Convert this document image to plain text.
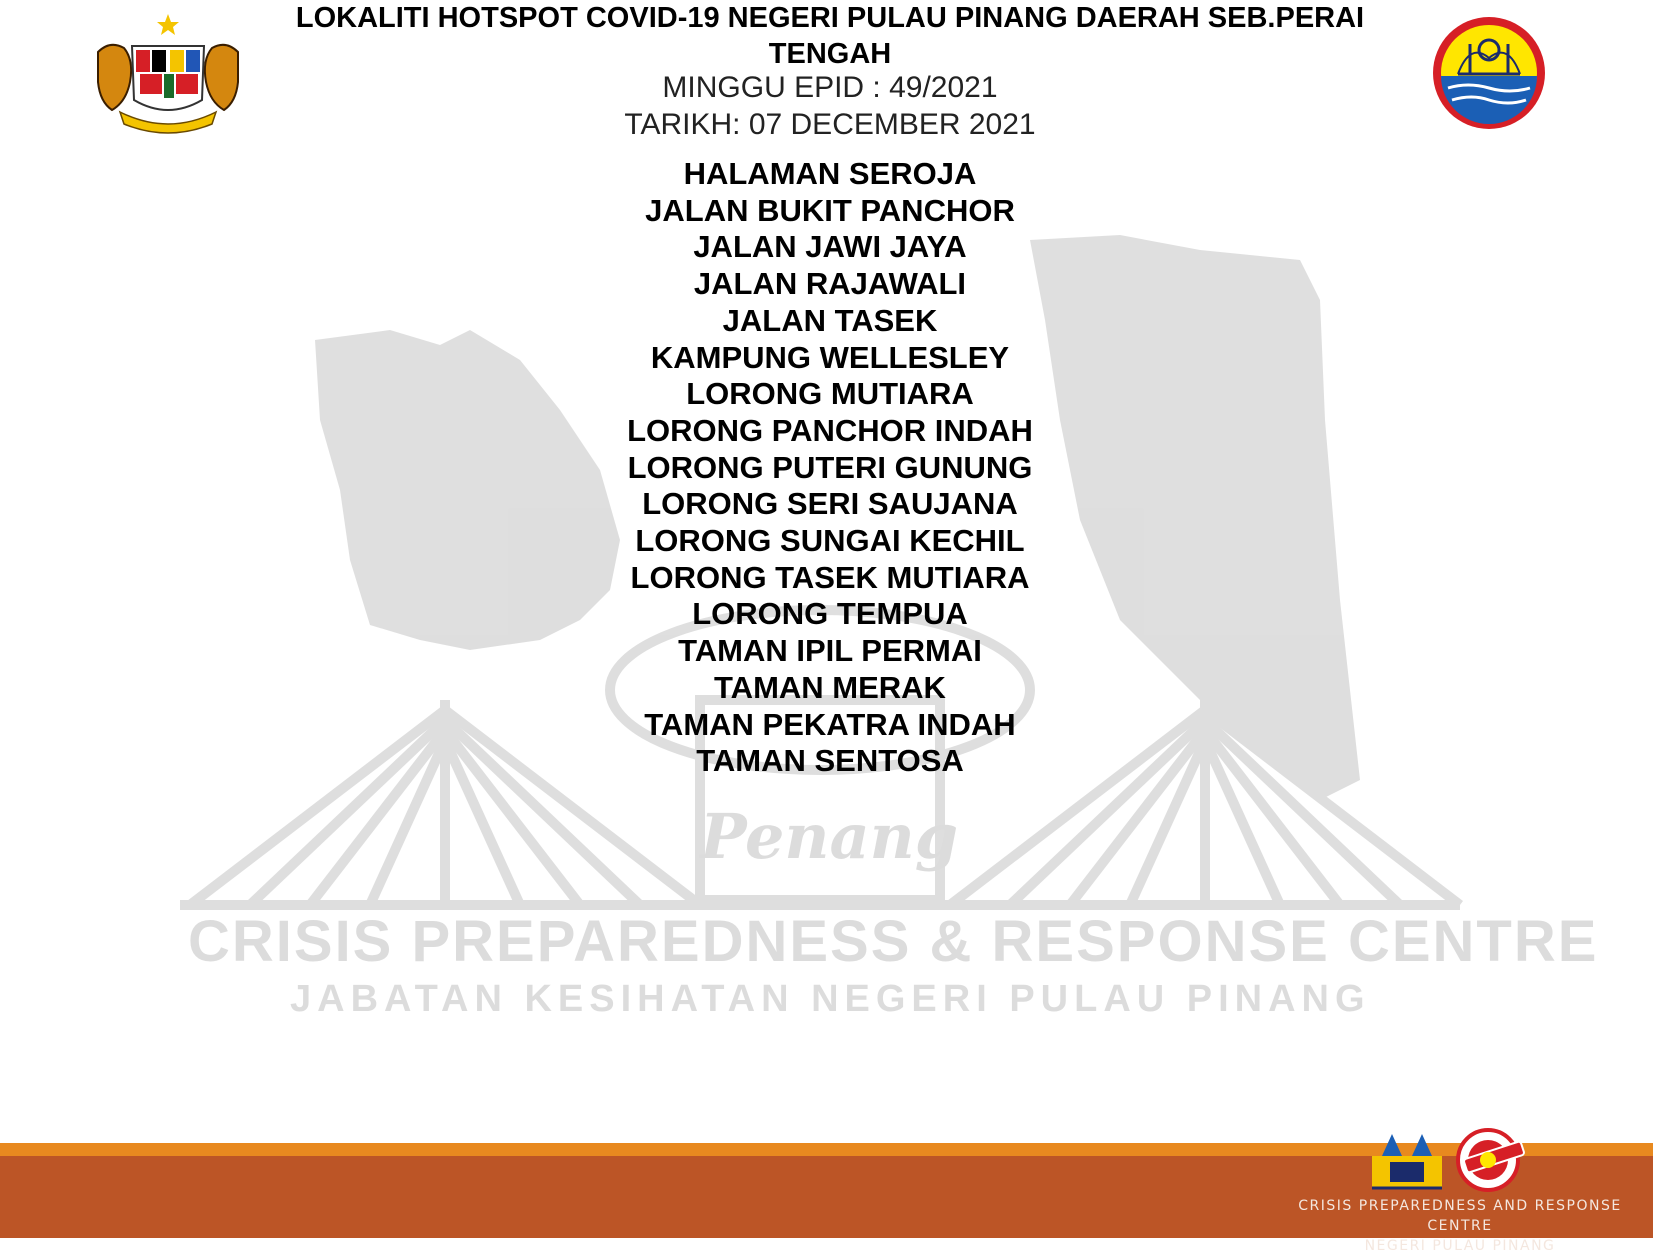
Penang
CRISIS PREPAREDNESS & RESPONSE CENTRE
JABATAN KESIHATAN NEGERI PULAU PINANG
LOKALITI HOTSPOT COVID-19 NEGERI PULAU PINANG DAERAH SEB.PERAI TENGAH
MINGGU EPID : 49/2021
TARIKH: 07 DECEMBER 2021
HALAMAN SEROJA
JALAN BUKIT PANCHOR
JALAN JAWI JAYA
JALAN RAJAWALI
JALAN TASEK
KAMPUNG WELLESLEY
LORONG MUTIARA
LORONG PANCHOR INDAH
LORONG PUTERI GUNUNG
LORONG SERI SAUJANA
LORONG SUNGAI KECHIL
LORONG TASEK MUTIARA
LORONG TEMPUA
TAMAN IPIL PERMAI
TAMAN MERAK
TAMAN PEKATRA INDAH
TAMAN SENTOSA
CRISIS PREPAREDNESS AND RESPONSE CENTRE
NEGERI PULAU PINANG
